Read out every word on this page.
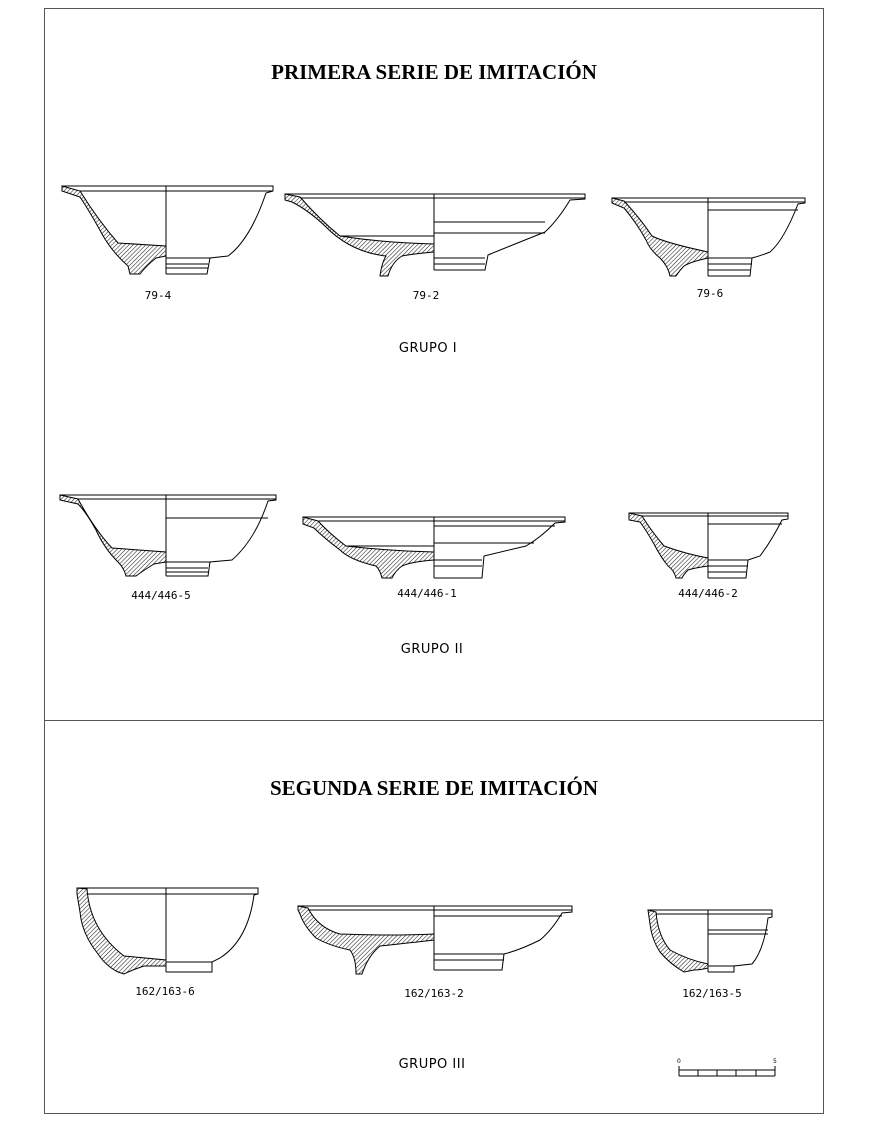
PRIMERA SERIE DE IMITACIÓN
SEGUNDA SERIE DE IMITACIÓN
79-4	79-2	79-6
444/446-5	444/446-1	444/446-2
162/163-6	162/163-2	162/163-5
GRUPO I
GRUPO II
GRUPO III	0	5
